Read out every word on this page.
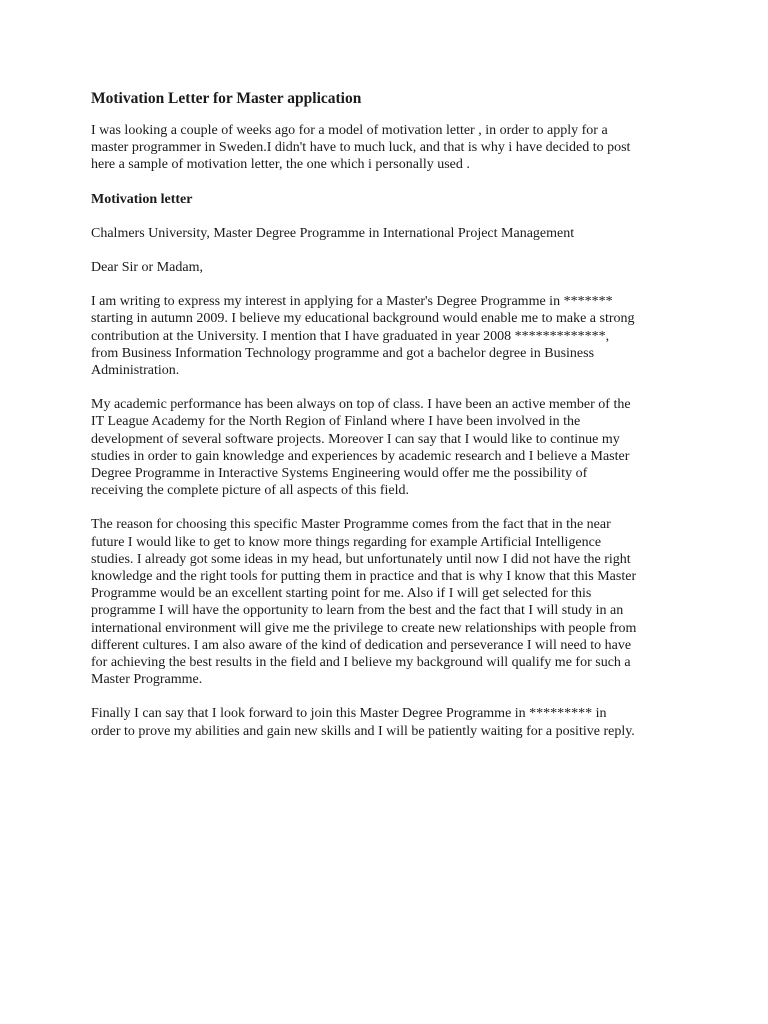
Motivation Letter for Master application

I was looking a couple of weeks ago for a model of motivation letter , in order to apply for a
master programmer in Sweden.I didn't have to much luck, and that is why i have decided to post
here a sample of motivation letter, the one which i personally used .

Motivation letter

Chalmers University, Master Degree Programme in International Project Management

Dear Sir or Madam,

I am writing to express my interest in applying for a Master's Degree Programme in *******
starting in autumn 2009. I believe my educational background would enable me to make a strong
contribution at the University. I mention that I have graduated in year 2008 *************,
from Business Information Technology programme and got a bachelor degree in Business
Administration.

My academic performance has been always on top of class. I have been an active member of the
IT League Academy for the North Region of Finland where I have been involved in the
development of several software projects. Moreover I can say that I would like to continue my
studies in order to gain knowledge and experiences by academic research and I believe a Master
Degree Programme in Interactive Systems Engineering would offer me the possibility of
receiving the complete picture of all aspects of this field.

The reason for choosing this specific Master Programme comes from the fact that in the near
future I would like to get to know more things regarding for example Artificial Intelligence
studies. I already got some ideas in my head, but unfortunately until now I did not have the right
knowledge and the right tools for putting them in practice and that is why I know that this Master
Programme would be an excellent starting point for me. Also if I will get selected for this
programme I will have the opportunity to learn from the best and the fact that I will study in an
international environment will give me the privilege to create new relationships with people from
different cultures. I am also aware of the kind of dedication and perseverance I will need to have
for achieving the best results in the field and I believe my background will qualify me for such a
Master Programme.

Finally I can say that I look forward to join this Master Degree Programme in ********* in
order to prove my abilities and gain new skills and I will be patiently waiting for a positive reply.
